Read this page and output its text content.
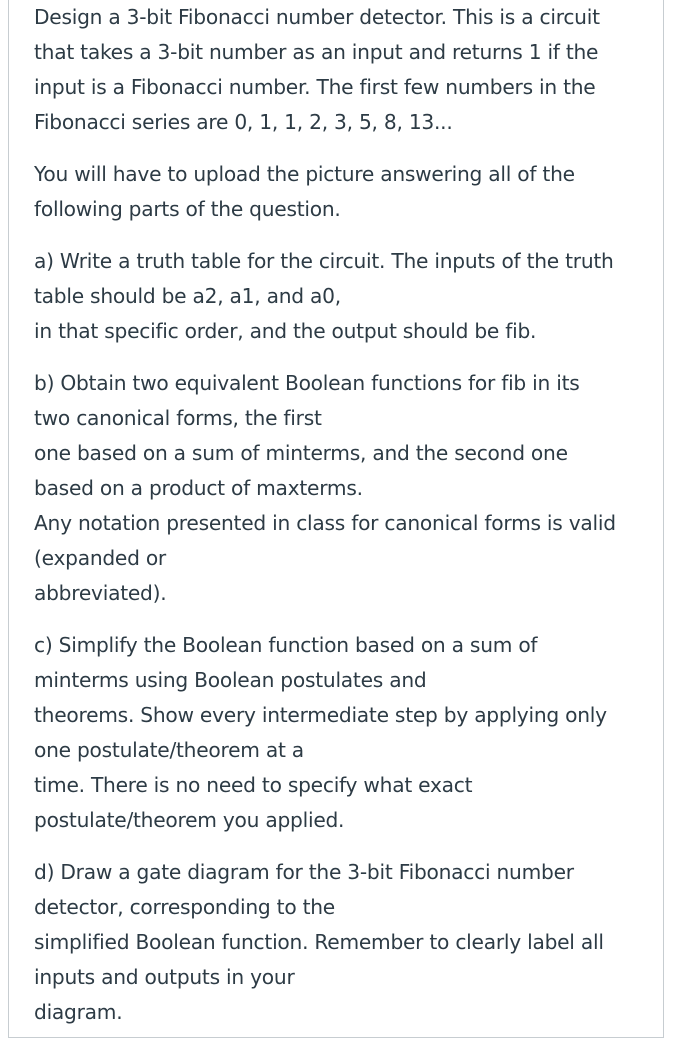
Design a 3-bit Fibonacci number detector. This is a circuit
that takes a 3-bit number as an input and returns 1 if the
input is a Fibonacci number. The first few numbers in the
Fibonacci series are 0, 1, 1, 2, 3, 5, 8, 13...

You will have to upload the picture answering all of the
following parts of the question.

a) Write a truth table for the circuit. The inputs of the truth
table should be a2, a1, and a0,
in that specific order, and the output should be fib.

b) Obtain two equivalent Boolean functions for fib in its
two canonical forms, the first
one based on a sum of minterms, and the second one
based on a product of maxterms.
Any notation presented in class for canonical forms is valid
(expanded or
abbreviated).

c) Simplify the Boolean function based on a sum of
minterms using Boolean postulates and
theorems. Show every intermediate step by applying only
one postulate/theorem at a
time. There is no need to specify what exact
postulate/theorem you applied.

d) Draw a gate diagram for the 3-bit Fibonacci number
detector, corresponding to the
simplified Boolean function. Remember to clearly label all
inputs and outputs in your
diagram.
